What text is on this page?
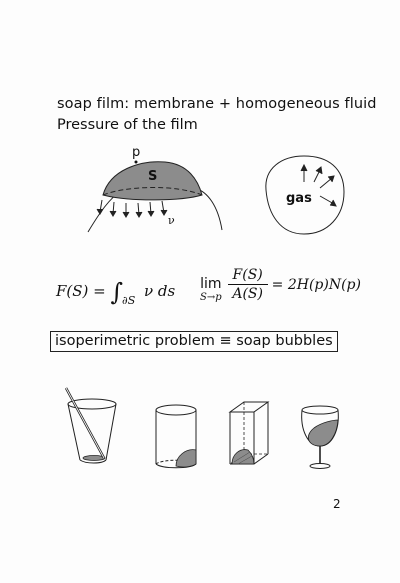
soap film: membrane + homogeneous fluid
Pressure of the film
p
S
ν
gas
$F(S) = \int_{\partial S}$ ν ds lim
S→p
F(S)
A(S)
= 2H(p)N(p)
isoperimetric problem ≡ soap bubbles
2
